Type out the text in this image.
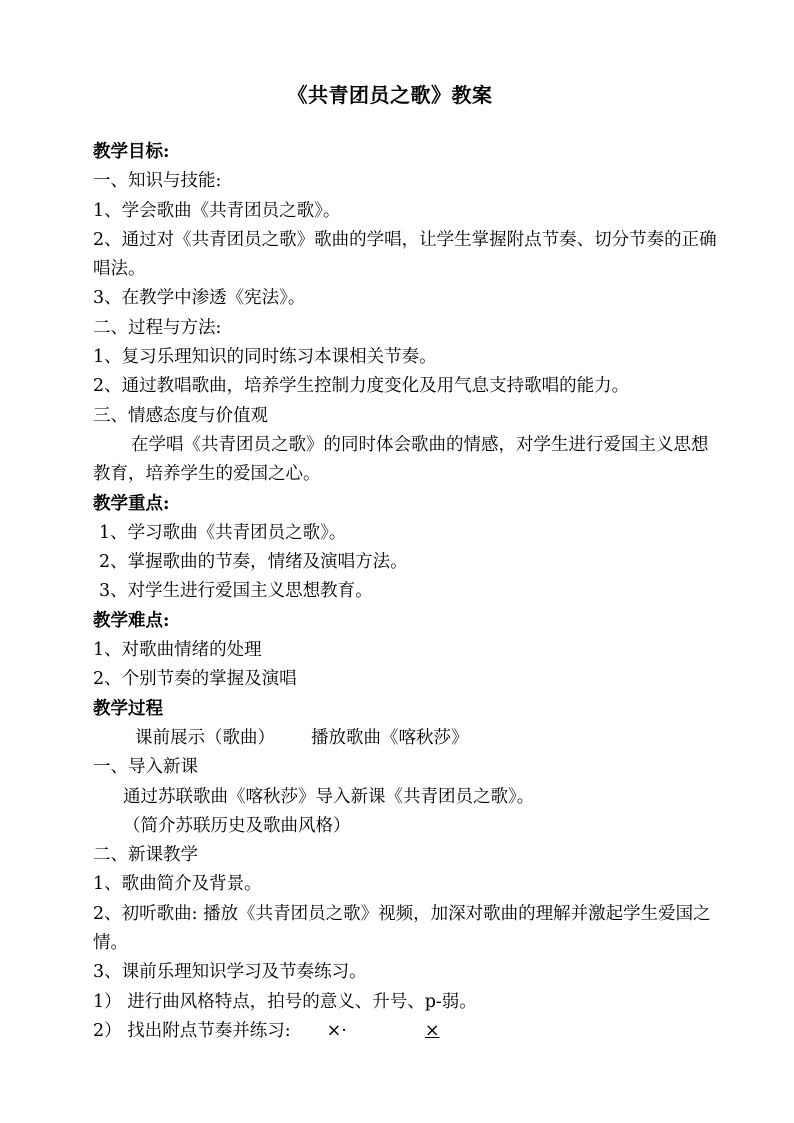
《共青团员之歌》教案
教学目标:
一、知识与技能:
1、学会歌曲《共青团员之歌》。
2、通过对《共青团员之歌》歌曲的学唱，让学生掌握附点节奏、切分节奏的正确唱法。
3、在教学中渗透《宪法》。
二、过程与方法:
1、复习乐理知识的同时练习本课相关节奏。
2、通过教唱歌曲，培养学生控制力度变化及用气息支持歌唱的能力。
三、情感态度与价值观
在学唱《共青团员之歌》的同时体会歌曲的情感，对学生进行爱国主义思想教育，培养学生的爱国之心。
教学重点:
1、学习歌曲《共青团员之歌》。
2、掌握歌曲的节奏，情绪及演唱方法。
3、对学生进行爱国主义思想教育。
教学难点:
1、对歌曲情绪的处理
2、个别节奏的掌握及演唱
教学过程
课前展示（歌曲） 播放歌曲《喀秋莎》
一、导入新课
通过苏联歌曲《喀秋莎》导入新课《共青团员之歌》。
（简介苏联历史及歌曲风格）
二、新课教学
1、歌曲简介及背景。
2、初听歌曲: 播放《共青团员之歌》视频，加深对歌曲的理解并激起学生爱国之情。
3、课前乐理知识学习及节奏练习。
1） 进行曲风格特点，拍号的意义、升号、p-弱。
2） 找出附点节奏并练习: ×·	×
